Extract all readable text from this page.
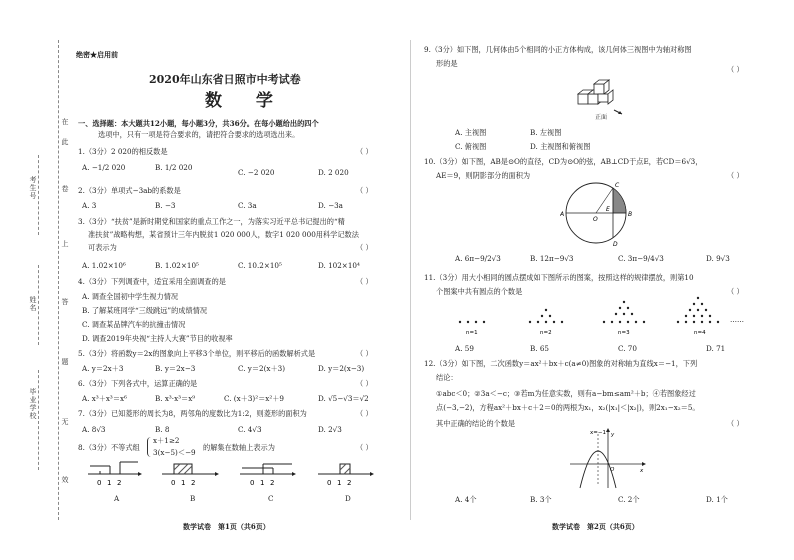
在
此
卷
上
答
题
无
效
考生号
姓名
毕业学校
绝密★启用前
2020年山东省日照市中考试卷
数 学
一、选择题：本大题共12小题，每小题3分，共36分。在每小题给出的四个
选项中，只有一项是符合要求的，请把符合要求的选项选出来。
1.（3分）2 020的相反数是	（ ）
A. −1/2 020	B. 1/2 020
C. −2 020	D. 2 020
2.（3分）单项式−3ab的系数是	（ ）
A. 3	B. −3	C. 3a	D. −3a
3.（3分）“扶贫”是新时期党和国家的重点工作之一，为落实习近平总书记提出的“精
准扶贫”战略构想，某省预计三年内脱贫1 020 000人，数字1 020 000用科学记数法
可表示为	（ ）
A. 1.02×10⁶	B. 1.02×10⁵	C. 10.2×10⁵	D. 102×10⁴
4.（3分）下列调查中，适宜采用全面调查的是	（ ）
A. 调查全国初中学生视力情况
B. 了解某班同学“三级跳远”的成绩情况
C. 调查某品牌汽车的抗撞击情况
D. 调查2019年央视“主持人大赛”节目的收视率
5.（3分）将函数y＝2x的图象向上平移3个单位，则平移后的函数解析式是	（ ）
A. y＝2x＋3	B. y＝2x−3	C. y＝2(x＋3)	D. y＝2(x−3)
6.（3分）下列各式中，运算正确的是	（ ）
A. x³＋x³＝x⁶	B. x³·x³＝x⁹	C. (x＋3)²＝x²＋9	D. √5−√3＝√2
7.（3分）已知菱形的周长为8，两邻角的度数比为1:2，则菱形的面积为	（ ）
A. 8√3	B. 8	C. 4√3	D. 2√3
8.（3分）不等式组
x＋1≥2
3(x−5)＜−9
的解集在数轴上表示为	（ ）
0 1 2	0 1 2	0 1 2	0 1 2
A	B	C	D
数学试卷　第1页（共6页）
9.（3分）如下图，几何体由5个相同的小正方体构成，该几何体三视图中为轴对称图
形的是
（ ）
正面
A. 主视图	B. 左视图
C. 俯视图	D. 主视图和俯视图
10.（3分）如下图，AB是⊙O的直径，CD为⊙O的弦，AB⊥CD于点E，若CD＝6√3，
AE＝9，则阴影部分的面积为	（ ）
A	B
C
D
E
O
A. 6π−9/2√3	B. 12π−9√3	C. 3π−9/4√3	D. 9√3
11.（3分）用大小相同的圆点摆成如下图所示的图案，按照这样的规律摆放，则第10
个图案中共有圆点的个数是	（ ）
n=1	n=2	n=3	n=4
……
A. 59	B. 65	C. 70	D. 71
12.（3分）如下图，二次函数y＝ax²＋bx＋c(a≠0)图象的对称轴为直线x＝−1，下列
结论：
①abc＜0；②3a＜−c；③若m为任意实数，则有a−bm≤am²＋b；④若图象经过
点(−3,−2)，方程ax²＋bx＋c＋2＝0的两根为x₁，x₂(|x₁|＜|x₂|)，则2x₁−x₂＝5。
其中正确的结论的个数是	（ ）
x=−1 y
x
O
A. 4个	B. 3个	C. 2个	D. 1个
数学试卷　第2页（共6页）
